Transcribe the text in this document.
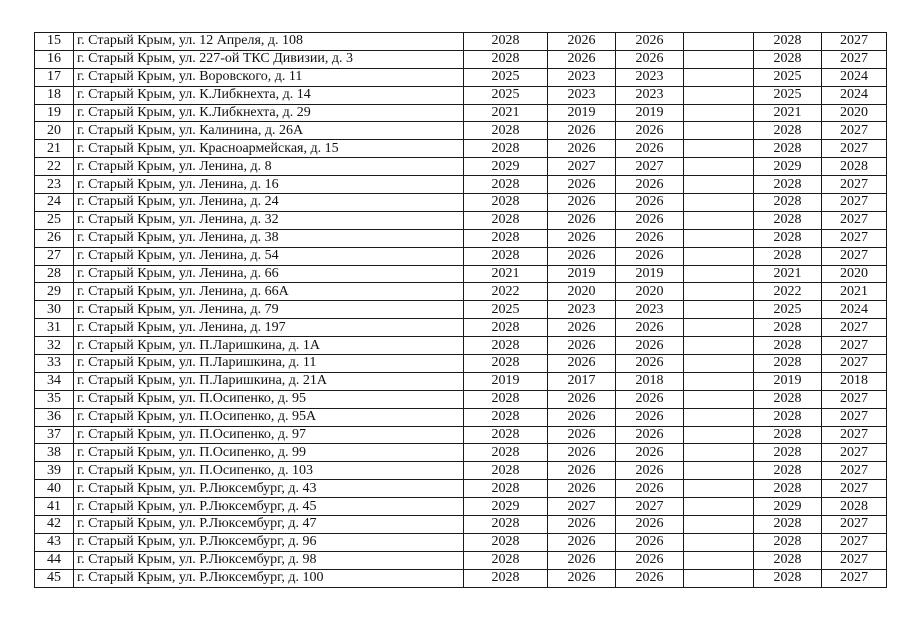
15	г. Старый Крым, ул. 12 Апреля, д. 108	2028	2026	2026		2028	2027
16	г. Старый Крым, ул. 227-ой ТКС Дивизии, д. 3	2028	2026	2026		2028	2027
17	г. Старый Крым, ул. Воровского, д. 11	2025	2023	2023		2025	2024
18	г. Старый Крым, ул. К.Либкнехта, д. 14	2025	2023	2023		2025	2024
19	г. Старый Крым, ул. К.Либкнехта, д. 29	2021	2019	2019		2021	2020
20	г. Старый Крым, ул. Калинина, д. 26А	2028	2026	2026		2028	2027
21	г. Старый Крым, ул. Красноармейская, д. 15	2028	2026	2026		2028	2027
22	г. Старый Крым, ул. Ленина, д. 8	2029	2027	2027		2029	2028
23	г. Старый Крым, ул. Ленина, д. 16	2028	2026	2026		2028	2027
24	г. Старый Крым, ул. Ленина, д. 24	2028	2026	2026		2028	2027
25	г. Старый Крым, ул. Ленина, д. 32	2028	2026	2026		2028	2027
26	г. Старый Крым, ул. Ленина, д. 38	2028	2026	2026		2028	2027
27	г. Старый Крым, ул. Ленина, д. 54	2028	2026	2026		2028	2027
28	г. Старый Крым, ул. Ленина, д. 66	2021	2019	2019		2021	2020
29	г. Старый Крым, ул. Ленина, д. 66А	2022	2020	2020		2022	2021
30	г. Старый Крым, ул. Ленина, д. 79	2025	2023	2023		2025	2024
31	г. Старый Крым, ул. Ленина, д. 197	2028	2026	2026		2028	2027
32	г. Старый Крым, ул. П.Ларишкина, д. 1А	2028	2026	2026		2028	2027
33	г. Старый Крым, ул. П.Ларишкина, д. 11	2028	2026	2026		2028	2027
34	г. Старый Крым, ул. П.Ларишкина, д. 21А	2019	2017	2018		2019	2018
35	г. Старый Крым, ул. П.Осипенко, д. 95	2028	2026	2026		2028	2027
36	г. Старый Крым, ул. П.Осипенко, д. 95А	2028	2026	2026		2028	2027
37	г. Старый Крым, ул. П.Осипенко, д. 97	2028	2026	2026		2028	2027
38	г. Старый Крым, ул. П.Осипенко, д. 99	2028	2026	2026		2028	2027
39	г. Старый Крым, ул. П.Осипенко, д. 103	2028	2026	2026		2028	2027
40	г. Старый Крым, ул. Р.Люксембург, д. 43	2028	2026	2026		2028	2027
41	г. Старый Крым, ул. Р.Люксембург, д. 45	2029	2027	2027		2029	2028
42	г. Старый Крым, ул. Р.Люксембург, д. 47	2028	2026	2026		2028	2027
43	г. Старый Крым, ул. Р.Люксембург, д. 96	2028	2026	2026		2028	2027
44	г. Старый Крым, ул. Р.Люксембург, д. 98	2028	2026	2026		2028	2027
45	г. Старый Крым, ул. Р.Люксембург, д. 100	2028	2026	2026		2028	2027
